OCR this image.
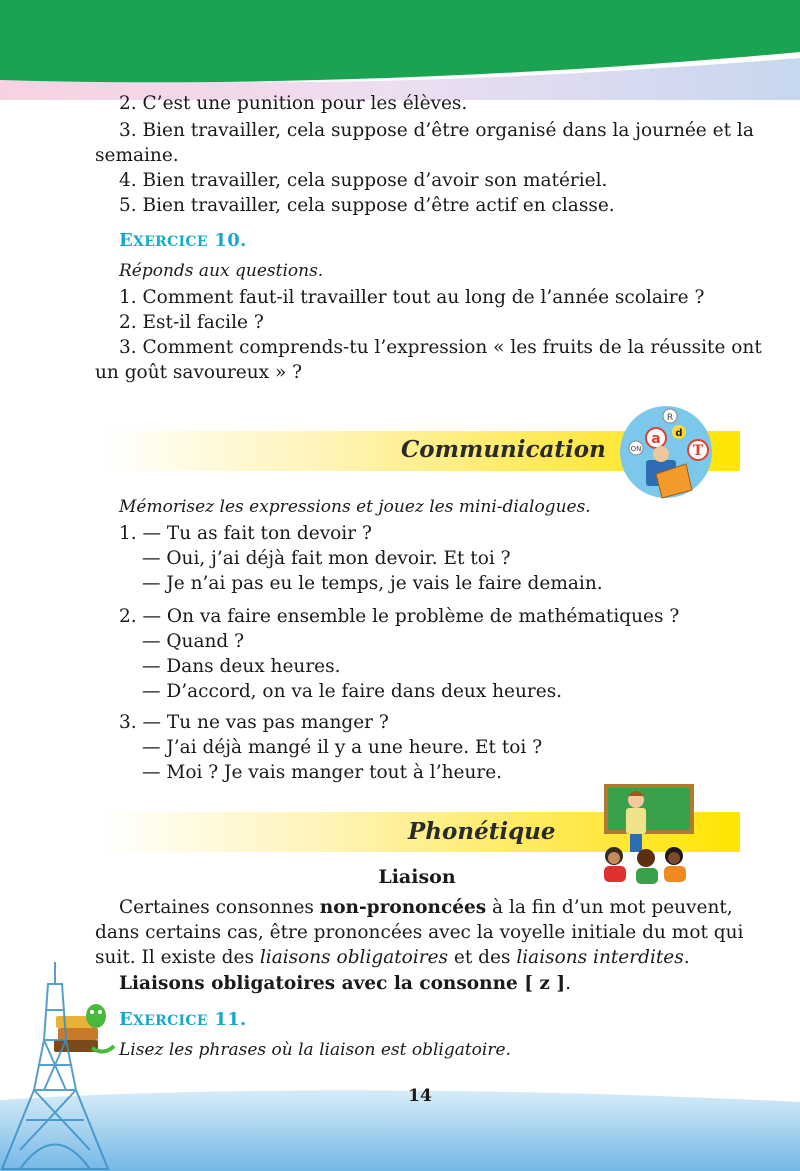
2. C’est une punition pour les élèves.
3. Bien travailler, cela suppose d’être organisé dans la journée et la
semaine.
4. Bien travailler, cela suppose d’avoir son matériel.
5. Bien travailler, cela suppose d’être actif en classe.
EXERCICE 10.
Réponds aux questions.
1. Comment faut-il travailler tout au long de l’année scolaire ?
2. Est-il facile ?
3. Comment comprends-tu l’expression « les fruits de la réussite ont
un goût savoureux » ?
Communication	a d
T
R
ON
Mémorisez les expressions et jouez les mini-dialogues.
1. — Tu as fait ton devoir ?
— Oui, j’ai déjà fait mon devoir. Et toi ?
— Je n’ai pas eu le temps, je vais le faire demain.
2. — On va faire ensemble le problème de mathématiques ?
— Quand ?
— Dans deux heures.
— D’accord, on va le faire dans deux heures.
3. — Tu ne vas pas manger ?
— J’ai déjà mangé il y a une heure. Et toi ?
— Moi ? Je vais manger tout à l’heure.
Phonétique
Liaison
Certaines consonnes non-prononcées à la fin d’un mot peuvent,
dans certains cas, être prononcées avec la voyelle initiale du mot qui
suit. Il existe des liaisons obligatoires et des liaisons interdites.
Liaisons obligatoires avec la consonne [ z ].
EXERCICE 11.
Lisez les phrases où la liaison est obligatoire.
14
